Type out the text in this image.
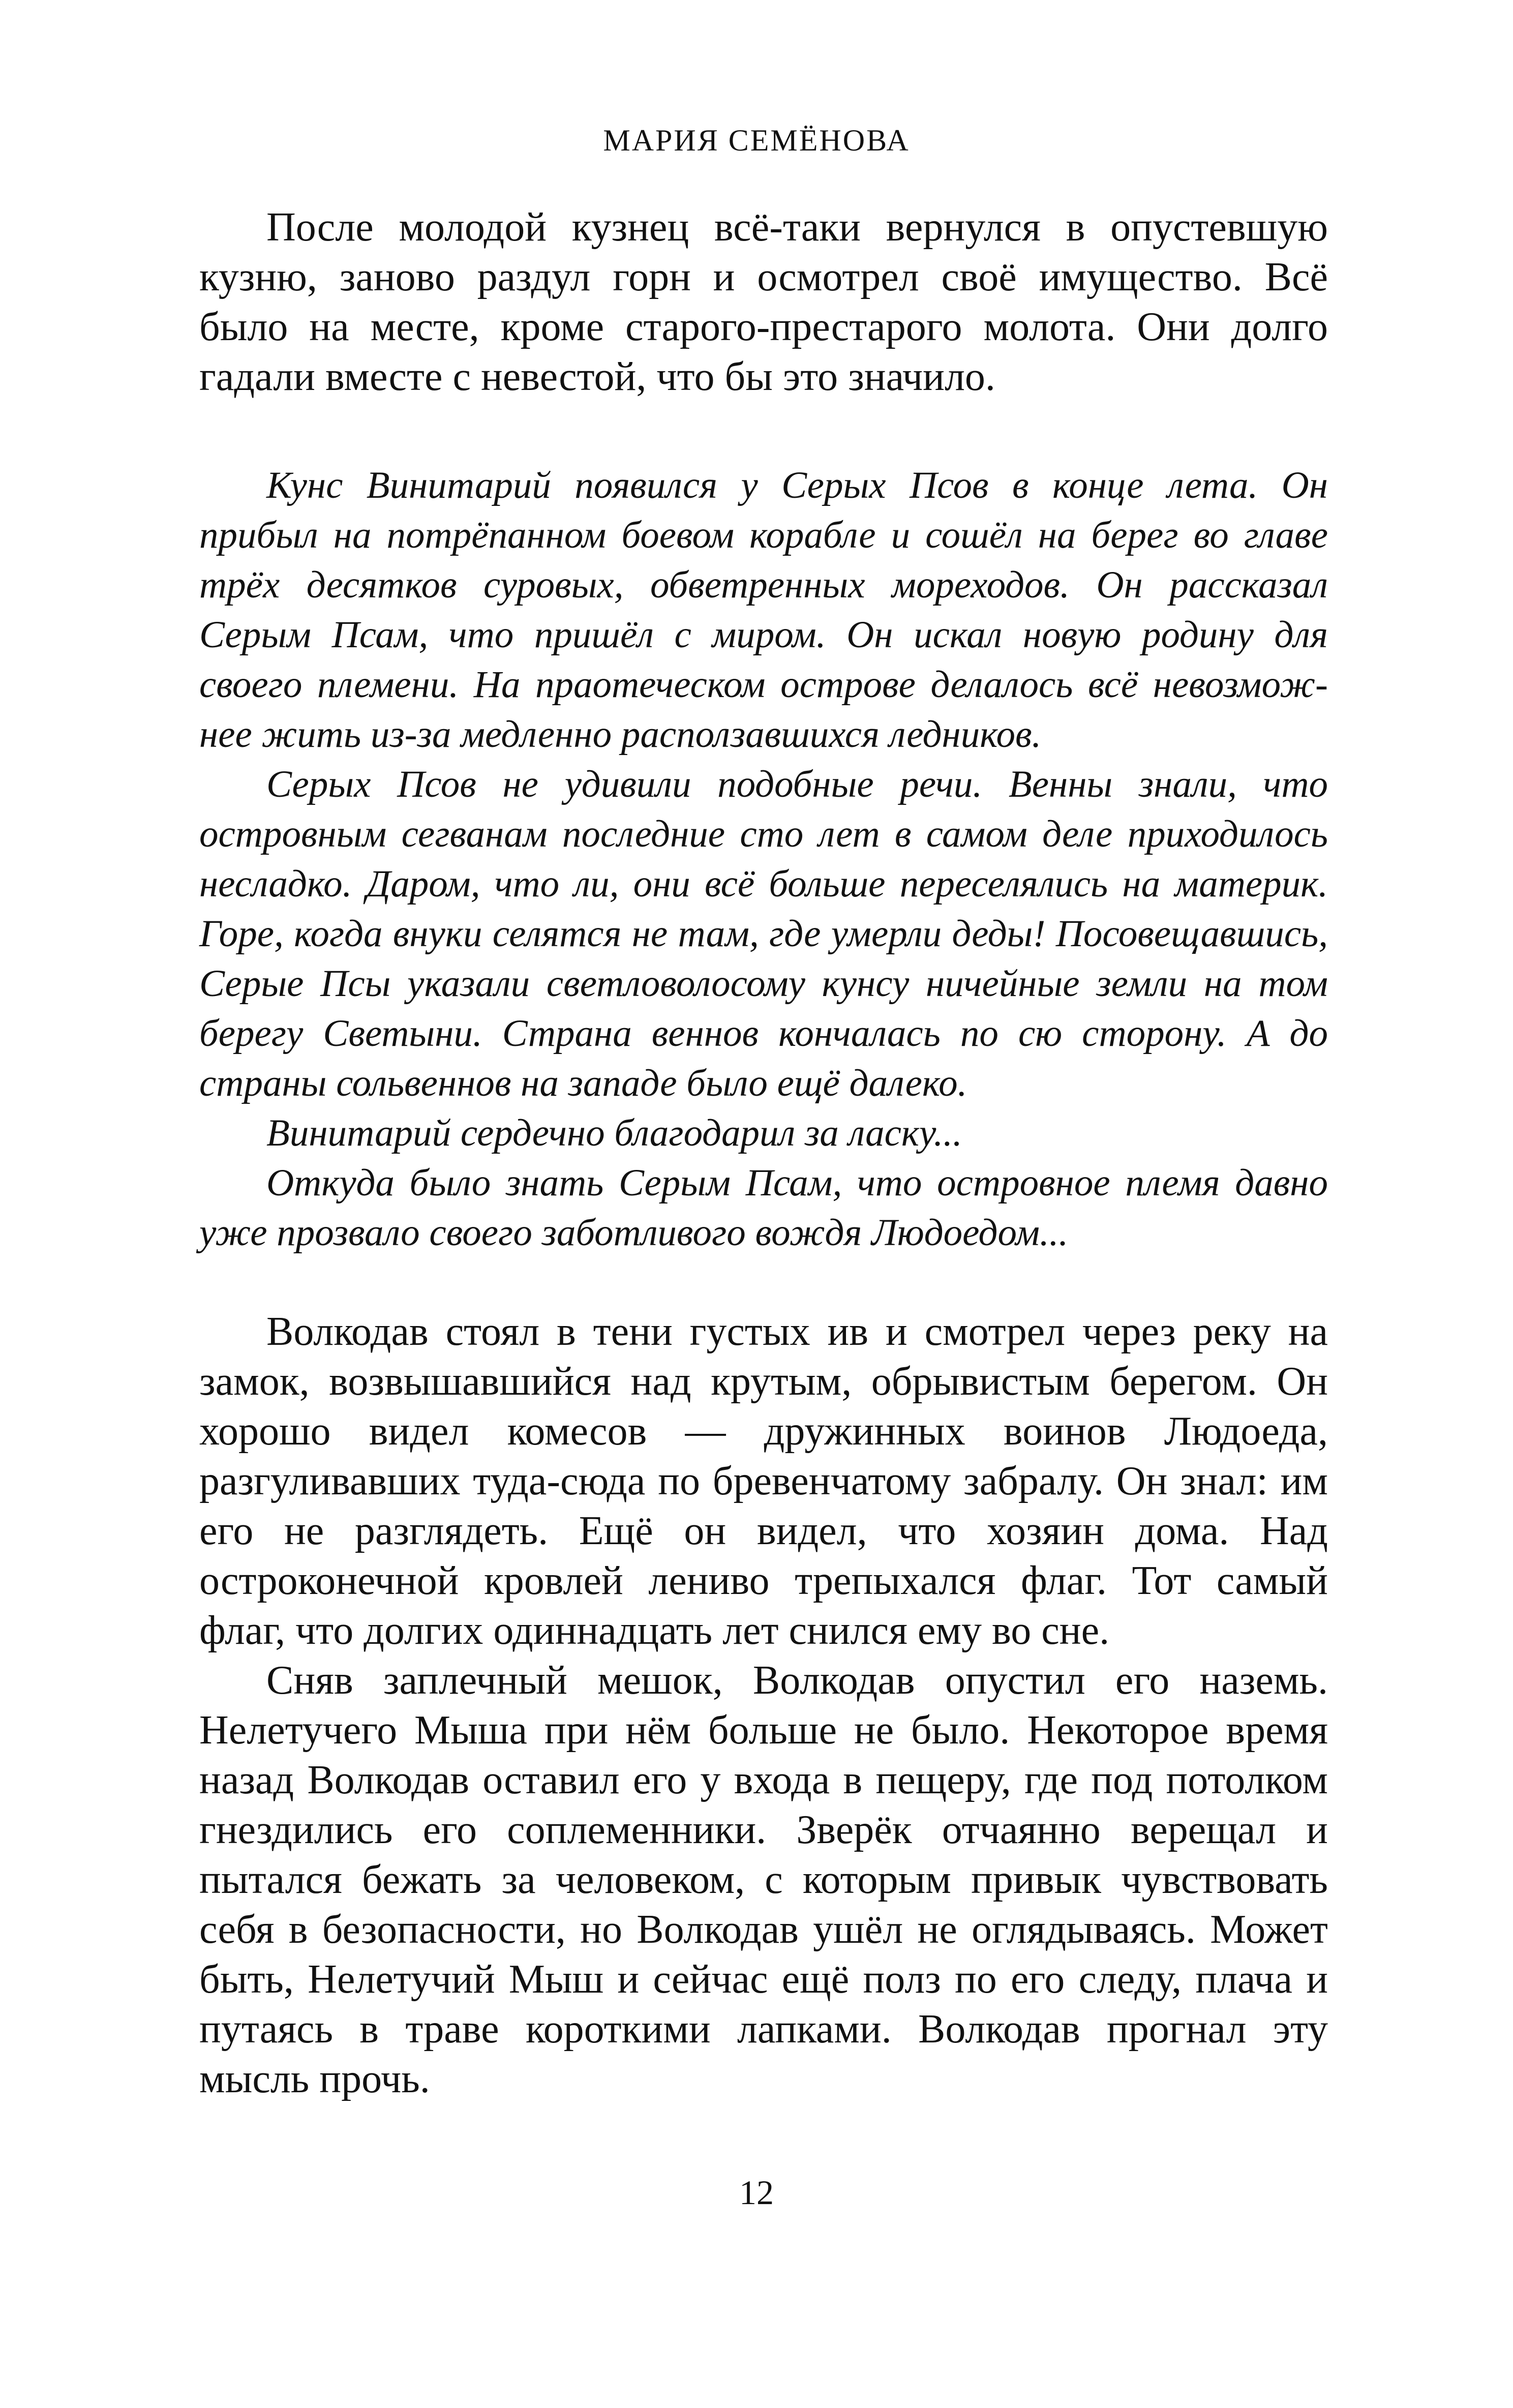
МАРИЯ СЕМЁНОВА

После молодой кузнец всё-таки вернулся в опустевшую кузню, заново раздул горн и осмотрел своё имущество. Всё было на месте, кроме старого-престарого молота. Они долго гадали вместе с невестой, что бы это значило.

Кунс Винитарий появился у Серых Псов в конце лета. Он прибыл на потрёпанном боевом корабле и сошёл на берег во главе трёх десятков суровых, обветренных мореходов. Он рассказал Серым Псам, что пришёл с миром. Он искал новую родину для своего племени. На праотеческом острове делалось всё невозможнее жить из-за медленно расползавшихся ледников.

Серых Псов не удивили подобные речи. Венны знали, что островным сегванам последние сто лет в самом деле приходилось несладко. Даром, что ли, они всё больше переселялись на материк. Горе, когда внуки селятся не там, где умерли деды! Посовещавшись, Серые Псы указали светловолосому кунсу ничейные земли на том берегу Светыни. Страна веннов кончалась по сю сторону. А до страны сольвеннов на западе было ещё далеко.

Винитарий сердечно благодарил за ласку...

Откуда было знать Серым Псам, что островное племя давно уже прозвало своего заботливого вождя Людоедом...

Волкодав стоял в тени густых ив и смотрел через реку на замок, возвышавшийся над крутым, обрывистым берегом. Он хорошо видел комесов — дружинных воинов Людоеда, разгуливавших туда-сюда по бревенчатому забралу. Он знал: им его не разглядеть. Ещё он видел, что хозяин дома. Над остроконечной кровлей лениво трепыхался флаг. Тот самый флаг, что долгих одиннадцать лет снился ему во сне.

Сняв заплечный мешок, Волкодав опустил его наземь. Нелетучего Мыша при нём больше не было. Некоторое время назад Волкодав оставил его у входа в пещеру, где под потолком гнездились его соплеменники. Зверёк отчаянно верещал и пытался бежать за человеком, с которым привык чувствовать себя в безопасности, но Волкодав ушёл не оглядываясь. Может быть, Нелетучий Мыш и сейчас ещё полз по его следу, плача и путаясь в траве короткими лапками. Волкодав прогнал эту мысль прочь.

12
